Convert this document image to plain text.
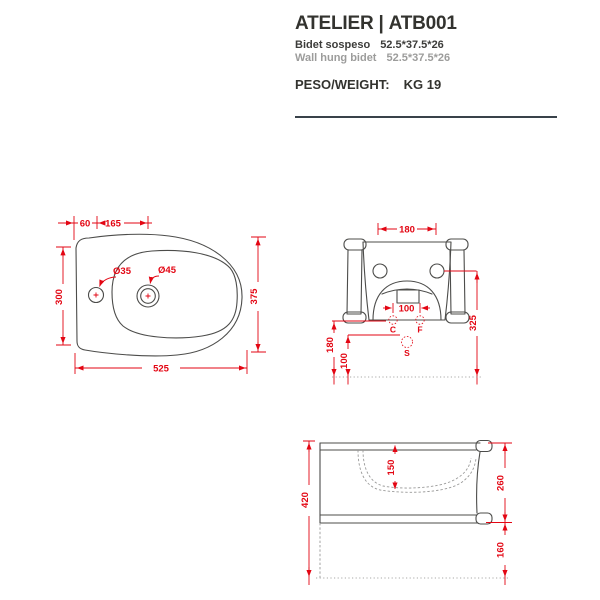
ATELIER | ATB001
Bidet sospeso 52.5*37.5*26
Wall hung bidet 52.5*37.5*26
PESO/WEIGHT: KG 19
60 165
300	375
525
Ø35	Ø45
180
325
180
100
100
C	F
S
150
420
260
160
